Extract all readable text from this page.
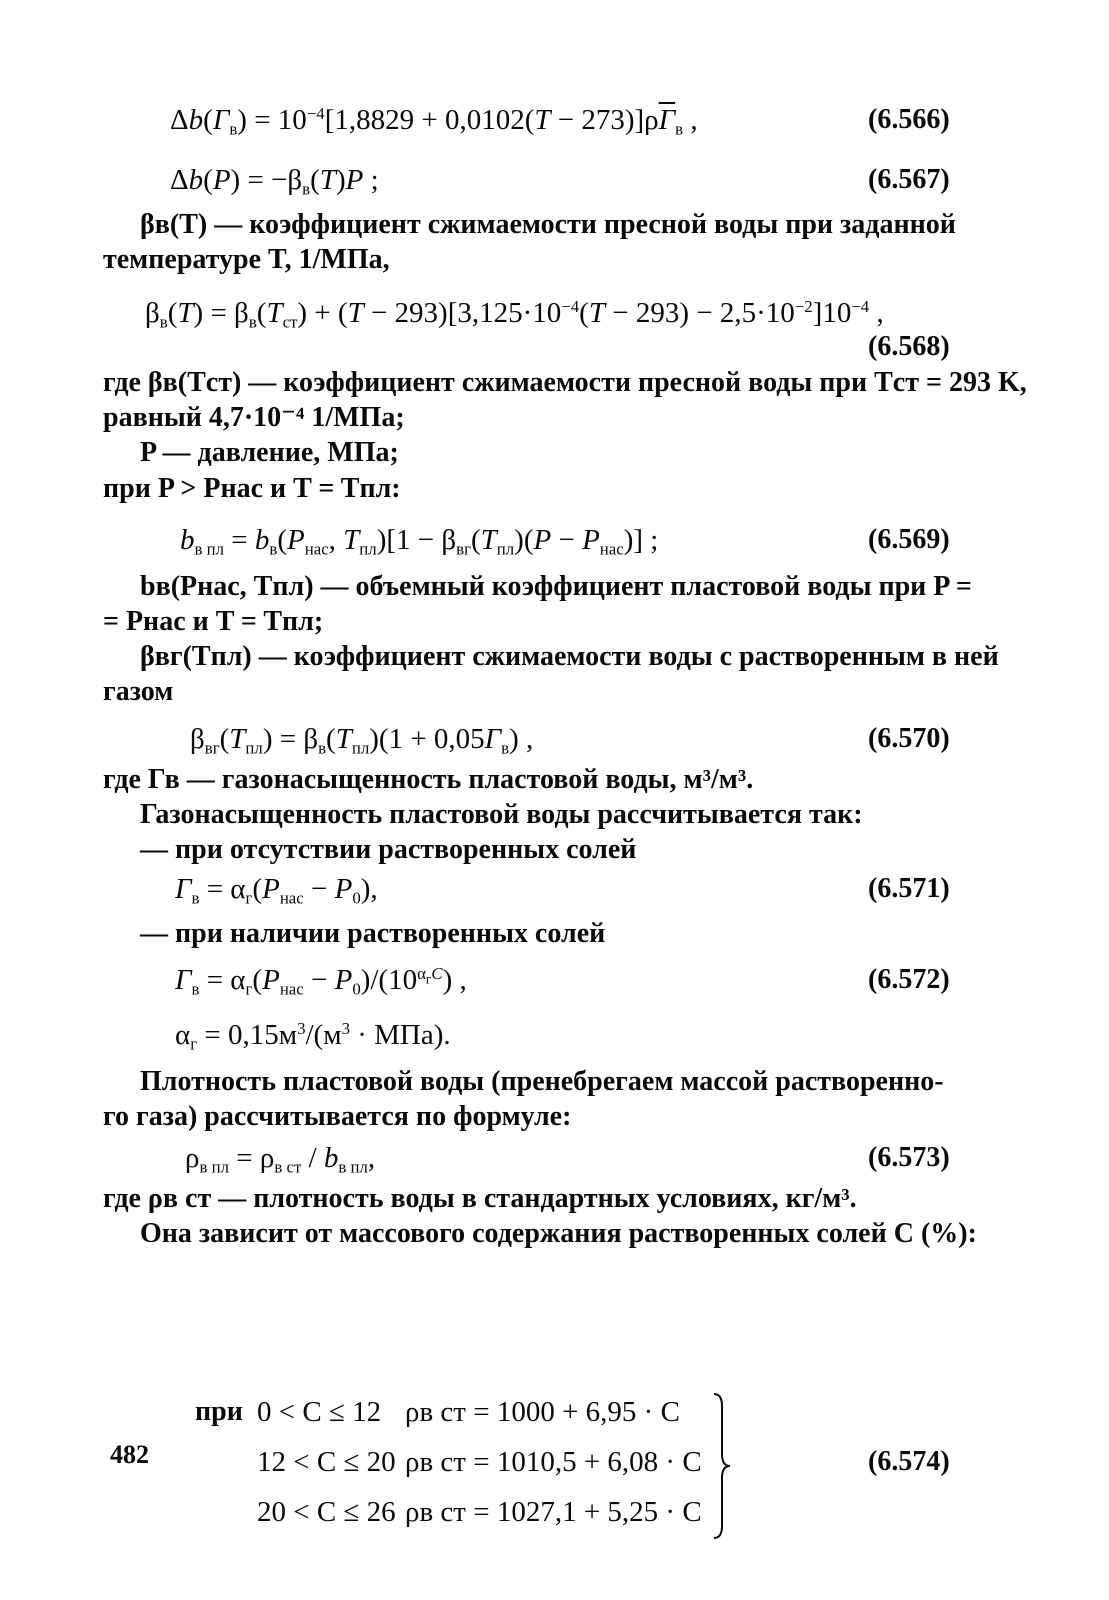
$\Delta b(Г_в) = 10^{-4}[1,8829 + 0,0102(T - 273)]\rho Г_в$ ,	(6.566)
$\Delta b(P) = -\beta_в(T)P$ ;	(6.567)
βв(T) — коэффициент сжимаемости пресной воды при заданной
температуре T, 1/МПа,
$\beta_в(T) = \beta_в(T_{ст}) + (T - 293)[3,125\cdot 10^{-4}(T - 293) - 2,5\cdot 10^{-2}]10^{-4}$ ,
(6.568)
где βв(Tст) — коэффициент сжимаемости пресной воды при Tст = 293 K,
равный 4,7·10⁻⁴ 1/МПа;
P — давление, МПа;
при P > Pнас и T = Tпл:
$b_{в пл} = b_в(P_{нас}$, $T_{пл})[1 - \beta_{вг}(T_{пл})(P - P_{нас})]$ ;	(6.569)
bв(Pнас, Tпл) — объемный коэффициент пластовой воды при P =
= Pнас и T = Tпл;
βвг(Tпл) — коэффициент сжимаемости воды с растворенным в ней
газом
$\beta_{вг}(T_{пл}) = \beta_в(T_{пл})(1 + 0,05Г_в)$ ,	(6.570)
где Гв — газонасыщенность пластовой воды, м³/м³.
Газонасыщенность пластовой воды рассчитывается так:
— при отсутствии растворенных солей
$Г_в = \alpha_г(P_{нас} - P_0)$,	(6.571)
— при наличии растворенных солей
$Г_в = \alpha_г(P_{нас} - P_0)/(10^{\alpha_гC})$ ,	(6.572)
$\alpha_г = 0,15м^3/(м^3 \cdot МПа)$.
Плотность пластовой воды (пренебрегаем массой растворенно-
го газа) рассчитывается по формуле:
$\rho_{в пл} = \rho_{в ст} / b_{в пл}$,	(6.573)
где ρв ст — плотность воды в стандартных условиях, кг/м³.
Она зависит от массового содержания растворенных солей C (%):
при 0 < C ≤ 12 ρв ст = 1000 + 6,95 · C
12 < C ≤ 20 ρв ст = 1010,5 + 6,08 · C
20 < C ≤ 26 ρв ст = 1027,1 + 5,25 · C
(6.574)
482
